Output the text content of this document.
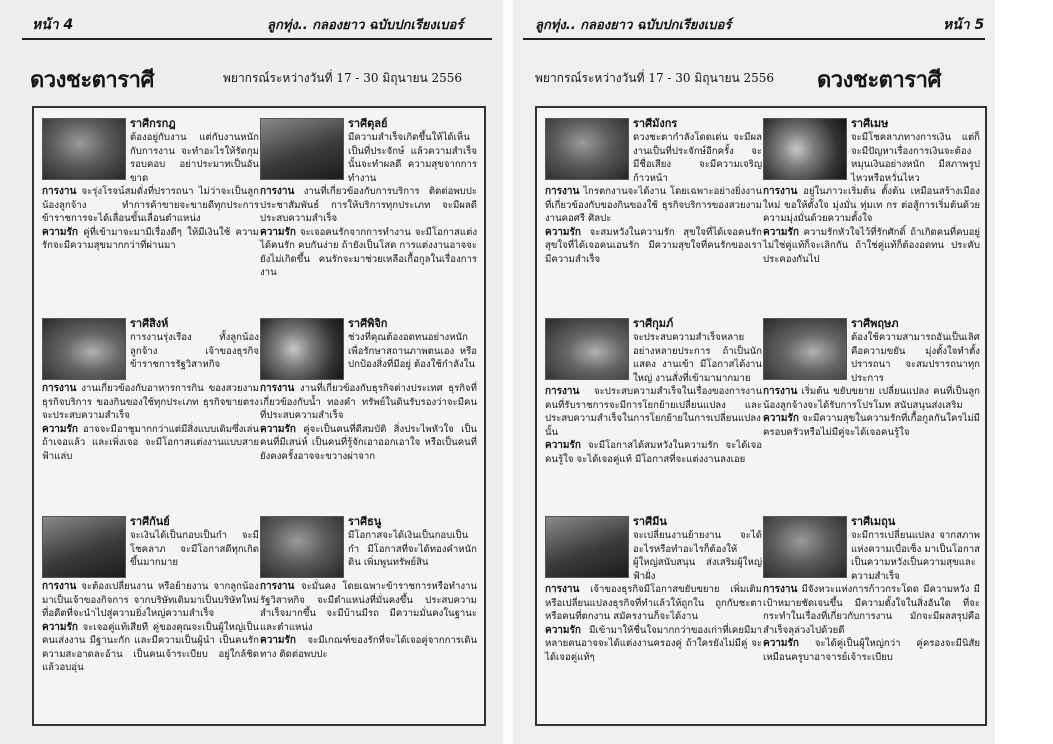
หน้า 4	ลูกทุ่ง.. กลองยาว ฉบับปกเรียงเบอร์
ดวงชะตาราศี	พยากรณ์ระหว่างวันที่ 17 - 30 มิถุนายน 2556
ราศีกรกฎ
ต้องอยู่กับงาน แต่กับงานหนักกับการงาน จะทำอะไรให้รัดกุมรอบคอบ อย่าประมาทเป็นอันขาด
การงาน จะรุ่งโรจน์สมดั่งที่ปรารถนา ไม่ว่าจะเป็นลูกน้องลูกจ้าง ทำการค้าขายจะขายดีทุกประการ ข้าราชการจะได้เลื่อนขั้นเลื่อนตำแหน่ง
ความรัก คู่ที่เข้ามาจะมามีเรื่องดีๆ ให้มีเงินใช้ ความรักจะมีความสุขมากกว่าที่ผ่านมา
ราศีสิงห์
การงานรุ่งเรือง ทั้งลูกน้องลูกจ้าง เจ้าของธุรกิจ ข้าราชการรัฐวิสาหกิจ
การงาน งานเกี่ยวข้องกับอาหารการกิน ของสวยงาม ธุรกิจบริการ ของกินของใช้ทุกประเภท ธุรกิจขายตรง จะประสบความสำเร็จ
ความรัก อาจจะมีอาชูมากกว่าแต่มีสิ่งแบบเดิมซึ่งเล่น ถ้าเจอแล้ว และเพิ่งเจอ จะมีโอกาสแต่งงานแบบสายฟ้าแล่บ
ราศีกันย์
จะเงินได้เป็นกอบเป็นกำ จะมีโชคลาภ จะมีโอกาสดีทุกเกิดขึ้นมากมาย
การงาน จะต้องเปลี่ยนงาน หรือย้ายงาน จากลูกน้องมาเป็นเจ้าของกิจการ จากบริษัทเดิมมาเป็นบริษัทใหม่ ที่อดีตที่จะนำไปสู่ความยิ่งใหญ่ความสำเร็จ
ความรัก จะเจอคู่แท้เสียที คู่ของคุณจะเป็นผู้ใหญ่เป็นคนเส่งงาน มีฐานะกัก และมีความเป็นผู้นำ เป็นคนรักความสะอาดละอ้าน เป็นคนเจ้าระเบียบ อยู่ใกล้ชิดแล้วอบอุ่น
ราศีตุลย์
มีความสำเร็จเกิดขึ้นให้ได้เห็นเป็นที่ประจักษ์ แล้วความสำเร็จนั้นจะทำผลดี ความสุขจากการทำงาน
การงาน งานที่เกี่ยวข้องกับการบริการ ติดต่อพบปะประชาสัมพันธ์ การให้บริการทุกประเภท จะมีผลดีประสบความสำเร็จ
ความรัก จะเจอคนรักจากการทำงาน จะมีโอกาสแต่งได้คนรัก คบกันง่าย ถ้ายังเป็นโสด การแต่งงานอาจจะยังไม่เกิดขึ้น คนรักจะมาช่วยเหลือเกื้อกูลในเรื่องการงาน
ราศีพิจิก
ช่วงที่คุณต้องอดทนอย่างหนักเพื่อรักษาสถานภาพตนเอง หรือปกป้องสิ่งที่มีอยู่ ต้องใช้กำลังใน
การงาน งานที่เกี่ยวข้องกับธุรกิจต่างประเทศ ธุรกิจที่เกี่ยวข้องกับน้ำ ทองคำ ทรัพย์ในดินรับรองว่าจะมีคนที่ประสบความสำเร็จ
ความรัก คู่จะเป็นคนที่ดีสมบัติ สิ่งประไพหัวใจ เป็นคนที่มีเสน่ห์ เป็นคนที่รู้จักเอาออกเอาใจ หรือเป็นคนที่ยังคงครั้งอาจจะขวางผ่าจาก
ราศีธนู
มีโอกาสจะได้เงินเป็นกอบเป็นกำ มีโอกาสที่จะได้ทองคำหนักดิน เพิ่มพูนทรัพย์สิน
การงาน จะมั่นคง โดยเฉพาะข้าราชการหรือทำงานรัฐวิสาหกิจ จะมีตำแหน่งที่มั่นคงขึ้น ประสบความสำเร็จมากขึ้น จะมีบ้านมีรถ มีความมั่นคงในฐานะและตำแหน่ง
ความรัก จะมีเกณฑ์ของรักที่จะได้เจอคู่จากการเดินทาง ติดต่อพบปะ
ลูกทุ่ง.. กลองยาว ฉบับปกเรียงเบอร์	หน้า 5
พยากรณ์ระหว่างวันที่ 17 - 30 มิถุนายน 2556 ดวงชะตาราศี
ราศีมังกร
ดวงชะตากำลังโดดเด่น จะมีผลงานเป็นที่ประจักษ์อีกครั้ง จะมีชื่อเสียง จะมีความเจริญก้าวหน้า
การงาน ไกรตกงานจะได้งาน โดยเฉพาะอย่างยิ่งงานที่เกี่ยวข้องกับของกินของใช้ ธุรกิจบริการของสวยงาม งานคอศรี ศิลปะ
ความรัก จะสมหวังในความรัก สุขใจที่ได้เจอคนรัก สุขใจที่ได้เจอคนเอนรัก มีความสุขใจที่คนรักของเรามีความสำเร็จ
ราศีกุมภ์
จะประสบความสำเร็จหลายอย่างหลายประการ ถ้าเป็นนักแสดง งานเข้า มีโอกาสได้งานใหญ่ งานสั่งที่เข้ามามากมาย
การงาน จะประสบความสำเร็จในเรื่องของการงาน คนที่รับราชการจะมีการโยกย้ายเปลี่ยนแปลง และประสบความสำเร็จในการโยกย้ายในการเปลี่ยนแปลงนั้น
ความรัก จะมีโอกาสได้สมหวังในความรัก จะได้เจอคนรู้ใจ จะได้เจอคู่แท้ มีโอกาสที่จะแต่งงานลงเอย
ราศีมีน
จะเปลี่ยนงานย้ายงาน จะได้อะไรหรือทำอะไรก็ต้องให้ผู้ใหญ่สนับสนุน ส่งเสริมผู้ใหญ่ฟ้าฝั่ง
การงาน เจ้าของธุรกิจมีโอกาสขยับขยาย เพิ่มเติมหรือเปลี่ยนแปลงธุรกิจที่ทำแล้วให้ถูกใน ถูกกับชะตา หรือคนที่ตกงาน สมัครงานก็จะได้งาน
ความรัก มีเข้ามาให้ชื่นใจมากกว่าของเก่าที่เคยมีมา หลายคนอาจจะได้แต่งงานครองคู่ ถ้าใครยังไม่มีคู่ จะได้เจอคู่แท้ๆ
ราศีเมษ
จะมีโชคลาภทางการเงิน แต่ก็จะมีปัญหาเรื่องการเงินจะต้องหมุนเงินอย่างหนัก มีสภาพรูปไหวหรือหวั่นไหว
การงาน อยู่ในภาวะเริ่มต้น ตั้งต้น เหมือนสร้างเมืองใหม่ ขอให้ตั้งใจ มุ่งมั่น ทุ่มเท กร ต่อสู้การเริ่มต้นด้วยความมุ่งมั่นด้วยความตั้งใจ
ความรัก ความรักหัวใจไว้ที่รักศักดิ์ ถ้าเกิดคนที่คบอยู่ไม่ใช่คู่แท้ก็จะเลิกกัน ถ้าใช่คู่แท้ก็ต้องอดทน ประคับประคองกันไป
ราศีพฤษภ
ต้องใช้ความสามารถอันเป็นเลิศ คือความขยัน มุ่งตั้งใจทำตั้งปรารถนา จะสมปรารถนาทุกประการ
การงาน เริ่มต้น ขยับขยาย เปลี่ยนแปลง คนที่เป็นลูกน้องลูกจ้างจะได้รับการโปรโมท สนับสนุนส่งเสริม
ความรัก จะมีความสุขในความรักที่เกื้อกูลกันใครไม่มีครอบครัวหรือไม่มีคู่จะได้เจอคนรู้ใจ
ราศีเมถุน
จะมีการเปลี่ยนแปลง จากสภาพแห่งความเบื่อเซ็ง มาเป็นโอกาส เป็นความหวังเป็นความสุขและความสำเร็จ
การงาน มีจังหวะแห่งการก้าวกระโดด มีความหวัง มีเป้าหมายชัดเจนขึ้น มีความตั้งใจในสิ่งอันใด ที่จะกระทำในเรื่องที่เกี่ยวกับการงาน มักจะมีผลสรุปคือสำเร็จลุล่วงไปด้วยดี
ความรัก จะได้คู่เป็นผู้ใหญ่กว่า คู่ครองจะมีนิสัยเหมือนครูบาอาจารย์เจ้าระเบียบ
